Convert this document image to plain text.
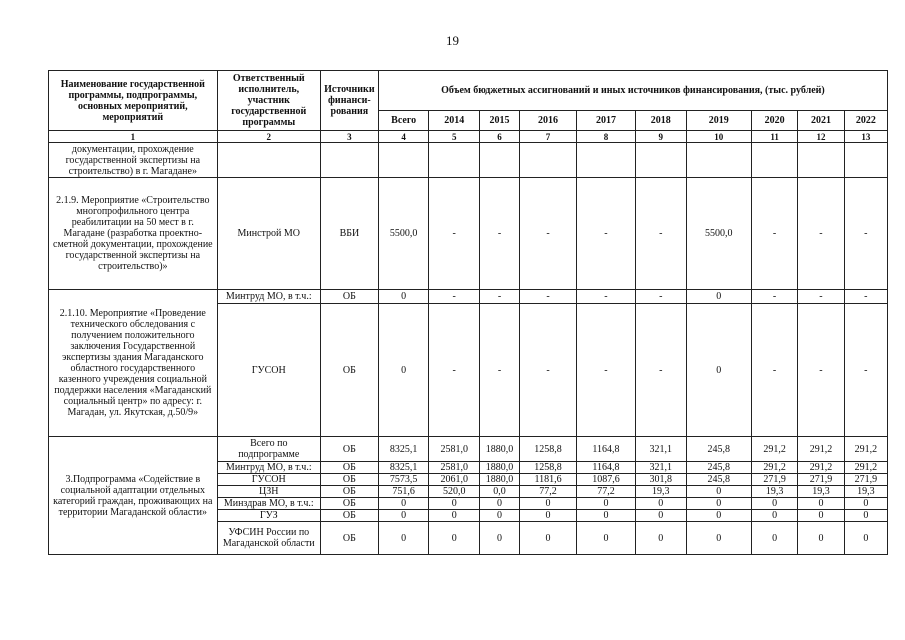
19
Наименование государственной программы, подпрограммы, основных мероприятий, мероприятий	Ответственный исполнитель, участник государственной программы	Источники финанси-рования	Объем бюджетных ассигнований и иных источников финансирования, (тыс. рублей)									
			Всего	2014	2015	2016	2017	2018	2019	2020	2021	2022
1	2	3	4	5	6	7	8	9	10	11	12	13
документации, прохождение государственной экспертизы на строительство) в г. Магадане»												
2.1.9. Мероприятие «Строительство многопрофильного центра реабилитации на 50 мест в г. Магадане (разработка проектно-сметной документации, прохождение государственной экспертизы на строительство)»	Минстрой МО	ВБИ	5500,0	-	-	-	-	-	5500,0	-	-	-
2.1.10. Мероприятие «Проведение технического обследования с получением положительного заключения Государственной экспертизы здания Магаданского областного государственного казенного учреждения социальной поддержки населения «Магаданский социальный центр» по адресу: г. Магадан, ул. Якутская, д.50/9»	Минтруд МО, в т.ч.:	ОБ	0	-	-	-	-	-	0	-	-	-
	ГУСОН	ОБ	0	-	-	-	-	-	0	-	-	-
3.Подпрограмма «Содействие в социальной адаптации отдельных категорий граждан, проживающих на территории Магаданской области»	Всего по подпрограмме	ОБ	8325,1	2581,0	1880,0	1258,8	1164,8	321,1	245,8	291,2	291,2	291,2
	Минтруд МО, в т.ч.:	ОБ	8325,1	2581,0	1880,0	1258,8	1164,8	321,1	245,8	291,2	291,2	291,2
	ГУСОН	ОБ	7573,5	2061,0	1880,0	1181,6	1087,6	301,8	245,8	271,9	271,9	271,9
	ЦЗН	ОБ	751,6	520,0	0,0	77,2	77,2	19,3	0	19,3	19,3	19,3
	Минздрав МО, в т.ч.:	ОБ	0	0	0	0	0	0	0	0	0	0
	ГУЗ	ОБ	0	0	0	0	0	0	0	0	0	0
	УФСИН России по Магаданской области	ОБ	0	0	0	0	0	0	0	0	0	0
